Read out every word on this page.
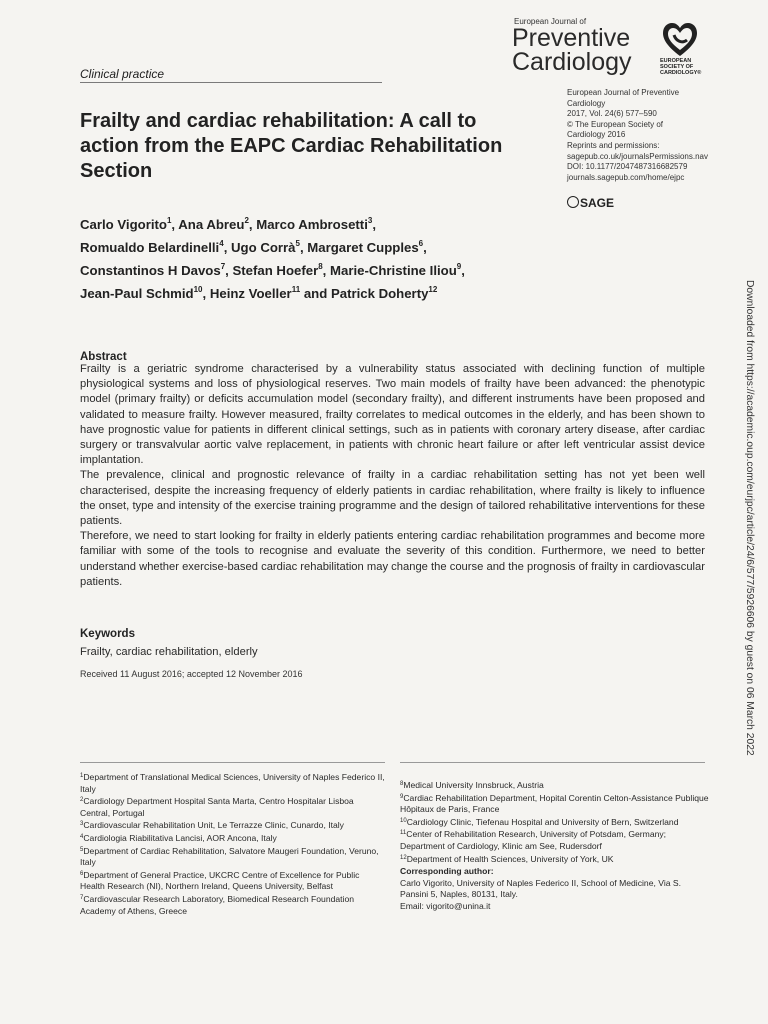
Clinical practice
European Journal of
Preventive
Cardiology	EUROPEAN
SOCIETY OF
CARDIOLOGY®
European Journal of Preventive
Cardiology
2017, Vol. 24(6) 577–590
© The European Society of
Cardiology 2016
Reprints and permissions:
sagepub.co.uk/journalsPermissions.nav
DOI: 10.1177/2047487316682579
journals.sagepub.com/home/ejpc
SAGE
Frailty and cardiac rehabilitation: A call to action from the EAPC Cardiac Rehabilitation Section
Carlo Vigorito$^1$, Ana Abreu$^2$, Marco Ambrosetti$^3$,
Romualdo Belardinelli$^4$, Ugo Corrà$^5$, Margaret Cupples$^6$,
Constantinos H Davos$^7$, Stefan Hoefer$^8$, Marie-Christine Iliou$^9$,
Jean-Paul Schmid$^{10}$, Heinz Voeller$^{11}$ and Patrick Doherty$^{12}$
Abstract

Frailty is a geriatric syndrome characterised by a vulnerability status associated with declining function of multiple physiological systems and loss of physiological reserves. Two main models of frailty have been advanced: the phenotypic model (primary frailty) or deficits accumulation model (secondary frailty), and different instruments have been proposed and validated to measure frailty. However measured, frailty correlates to medical outcomes in the elderly, and has been shown to have prognostic value for patients in different clinical settings, such as in patients with coronary artery disease, after cardiac surgery or transvalvular aortic valve replacement, in patients with chronic heart failure or after left ventricular assist device implantation.

The prevalence, clinical and prognostic relevance of frailty in a cardiac rehabilitation setting has not yet been well characterised, despite the increasing frequency of elderly patients in cardiac rehabilitation, where frailty is likely to influence the onset, type and intensity of the exercise training programme and the design of tailored rehabilitative interventions for these patients.

Therefore, we need to start looking for frailty in elderly patients entering cardiac rehabilitation programmes and become more familiar with some of the tools to recognise and evaluate the severity of this condition. Furthermore, we need to better understand whether exercise-based cardiac rehabilitation may change the course and the prognosis of frailty in cardiovascular patients.

Keywords
Frailty, cardiac rehabilitation, elderly
Received 11 August 2016; accepted 12 November 2016

$^1$Department of Translational Medical Sciences, University of Naples Federico II, Italy

$^2$Cardiology Department Hospital Santa Marta, Centro Hospitalar Lisboa Central, Portugal

$^3$Cardiovascular Rehabilitation Unit, Le Terrazze Clinic, Cunardo, Italy

$^4$Cardiologia Riabilitativa Lancisi, AOR Ancona, Italy

$^5$Department of Cardiac Rehabilitation, Salvatore Maugeri Foundation, Veruno, Italy

$^6$Department of General Practice, UKCRC Centre of Excellence for Public Health Research (NI), Northern Ireland, Queens University, Belfast

$^7$Cardiovascular Research Laboratory, Biomedical Research Foundation Academy of Athens, Greece

$^8$Medical University Innsbruck, Austria

$^9$Cardiac Rehabilitation Department, Hopital Corentin Celton-Assistance Publique Hôpitaux de Paris, France

$^{10}$Cardiology Clinic, Tiefenau Hospital and University of Bern, Switzerland

$^{11}$Center of Rehabilitation Research, University of Potsdam, Germany; Department of Cardiology, Klinic am See, Rudersdorf

$^{12}$Department of Health Sciences, University of York, UK

Corresponding author:

Carlo Vigorito, University of Naples Federico II, School of Medicine, Via S. Pansini 5, Naples, 80131, Italy.

Email: vigorito@unina.it

Downloaded from https://academic.oup.com/eurjpc/article/24/6/577/5926606 by guest on 06 March 2022
